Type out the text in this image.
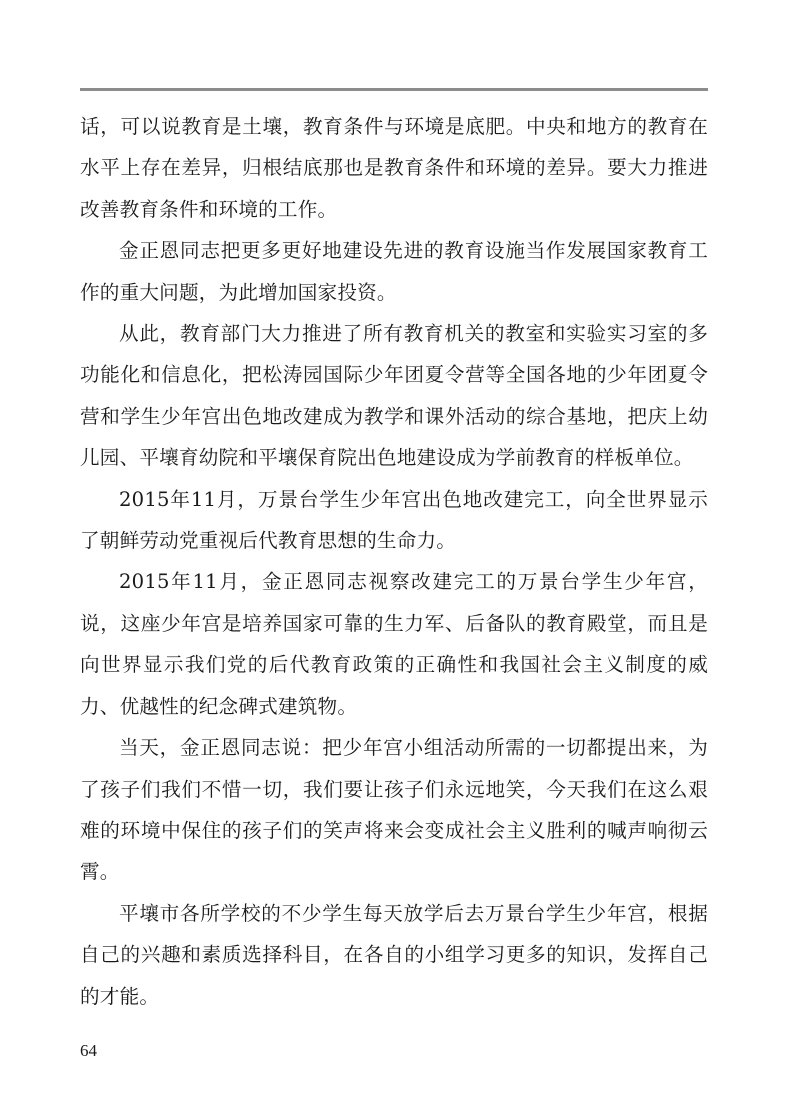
话，可以说教育是土壤，教育条件与环境是底肥。中央和地方的教育在水平上存在差异，归根结底那也是教育条件和环境的差异。要大力推进改善教育条件和环境的工作。

金正恩同志把更多更好地建设先进的教育设施当作发展国家教育工作的重大问题，为此增加国家投资。

从此，教育部门大力推进了所有教育机关的教室和实验实习室的多功能化和信息化，把松涛园国际少年团夏令营等全国各地的少年团夏令营和学生少年宫出色地改建成为教学和课外活动的综合基地，把庆上幼儿园、平壤育幼院和平壤保育院出色地建设成为学前教育的样板单位。

2015年11月，万景台学生少年宫出色地改建完工，向全世界显示了朝鲜劳动党重视后代教育思想的生命力。

2015年11月，金正恩同志视察改建完工的万景台学生少年宫，说，这座少年宫是培养国家可靠的生力军、后备队的教育殿堂，而且是向世界显示我们党的后代教育政策的正确性和我国社会主义制度的威力、优越性的纪念碑式建筑物。

当天，金正恩同志说：把少年宫小组活动所需的一切都提出来，为了孩子们我们不惜一切，我们要让孩子们永远地笑，今天我们在这么艰难的环境中保住的孩子们的笑声将来会变成社会主义胜利的喊声响彻云霄。

平壤市各所学校的不少学生每天放学后去万景台学生少年宫，根据自己的兴趣和素质选择科目，在各自的小组学习更多的知识，发挥自己的才能。

64
